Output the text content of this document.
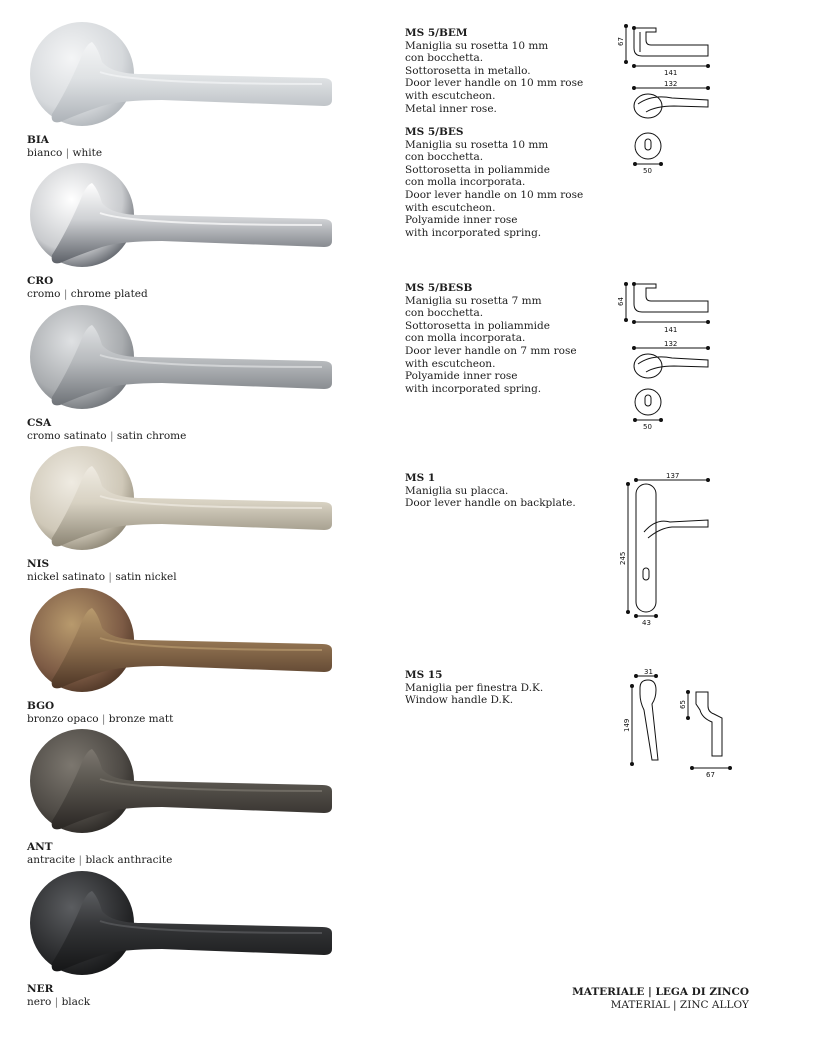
BIA
bianco | white
CRO
cromo | chrome plated
CSA
cromo satinato | satin chrome
NIS
nickel satinato | satin nickel
BGO
bronzo opaco | bronze matt
ANT
antracite | black anthracite
NER
nero | black
MS 5/BEM
Maniglia su rosetta 10 mm
con bocchetta.
Sottorosetta in metallo.
Door lever handle on 10 mm rose
with escutcheon.
Metal inner rose.
MS 5/BES
Maniglia su rosetta 10 mm
con bocchetta.
Sottorosetta in poliammide
con molla incorporata.
Door lever handle on 10 mm rose
with escutcheon.
Polyamide inner rose
with incorporated spring.
MS 5/BESB
Maniglia su rosetta 7 mm
con bocchetta.
Sottorosetta in poliammide
con molla incorporata.
Door lever handle on 7 mm rose
with escutcheon.
Polyamide inner rose
with incorporated spring.
MS 1
Maniglia su placca.
Door lever handle on backplate.
MS 15
Maniglia per finestra D.K.
Window handle D.K.
67
141
132
50
64
141
132
50
137
245
43
31
149
65
67
MATERIALE | LEGA DI ZINCO
MATERIAL | ZINC ALLOY
